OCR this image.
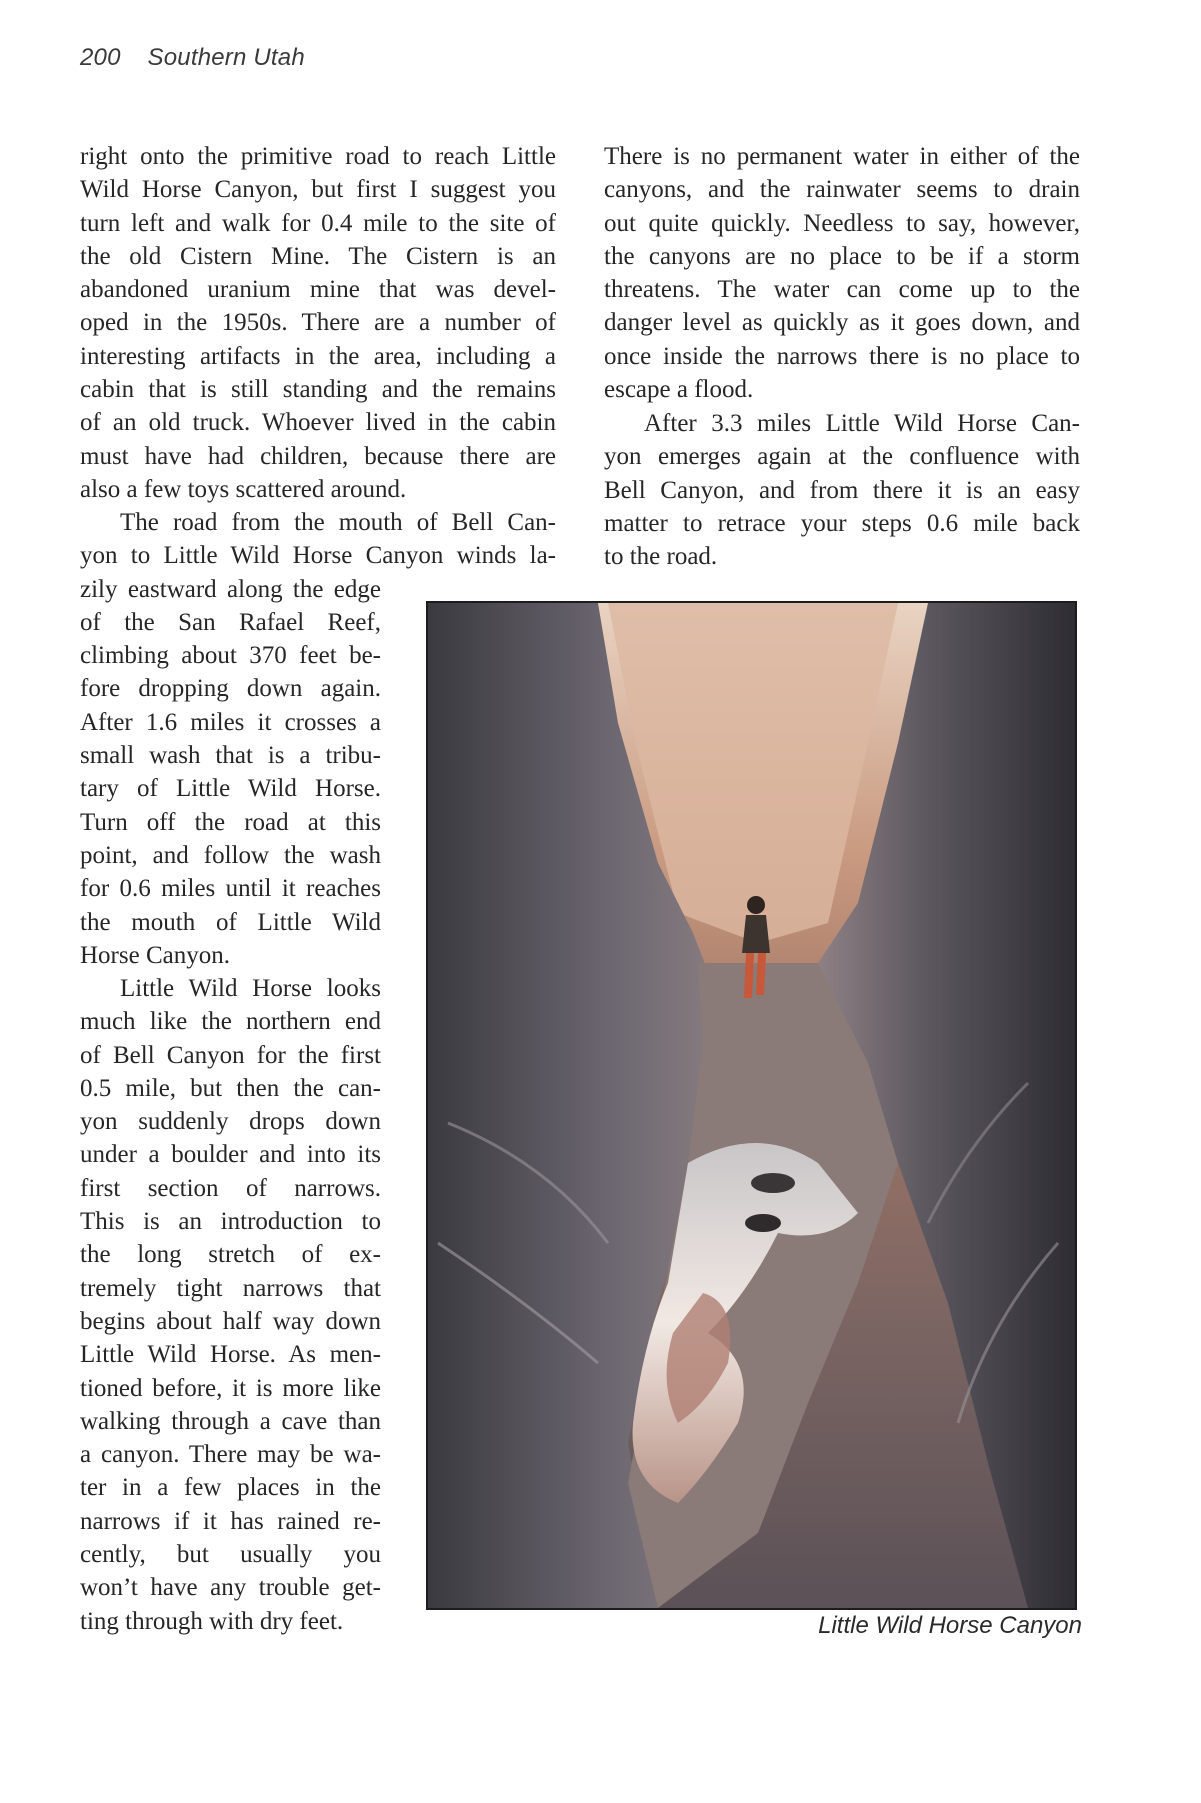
200 Southern Utah
right onto the primitive road to reach Little
Wild Horse Canyon, but first I suggest you
turn left and walk for 0.4 mile to the site of
the old Cistern Mine. The Cistern is an
abandoned uranium mine that was devel-
oped in the 1950s. There are a number of
interesting artifacts in the area, including a
cabin that is still standing and the remains
of an old truck. Whoever lived in the cabin
must have had children, because there are
also a few toys scattered around.
The road from the mouth of Bell Can-
yon to Little Wild Horse Canyon winds la-
zily eastward along the edge
of the San Rafael Reef,
climbing about 370 feet be-
fore dropping down again.
After 1.6 miles it crosses a
small wash that is a tribu-
tary of Little Wild Horse.
Turn off the road at this
point, and follow the wash
for 0.6 miles until it reaches
the mouth of Little Wild
Horse Canyon.
Little Wild Horse looks
much like the northern end
of Bell Canyon for the first
0.5 mile, but then the can-
yon suddenly drops down
under a boulder and into its
first section of narrows.
This is an introduction to
the long stretch of ex-
tremely tight narrows that
begins about half way down
Little Wild Horse. As men-
tioned before, it is more like
walking through a cave than
a canyon. There may be wa-
ter in a few places in the
narrows if it has rained re-
cently, but usually you
won’t have any trouble get-
ting through with dry feet.
There is no permanent water in either of the
canyons, and the rainwater seems to drain
out quite quickly. Needless to say, however,
the canyons are no place to be if a storm
threatens. The water can come up to the
danger level as quickly as it goes down, and
once inside the narrows there is no place to
escape a flood.
After 3.3 miles Little Wild Horse Can-
yon emerges again at the confluence with
Bell Canyon, and from there it is an easy
matter to retrace your steps 0.6 mile back
to the road.
Little Wild Horse Canyon
